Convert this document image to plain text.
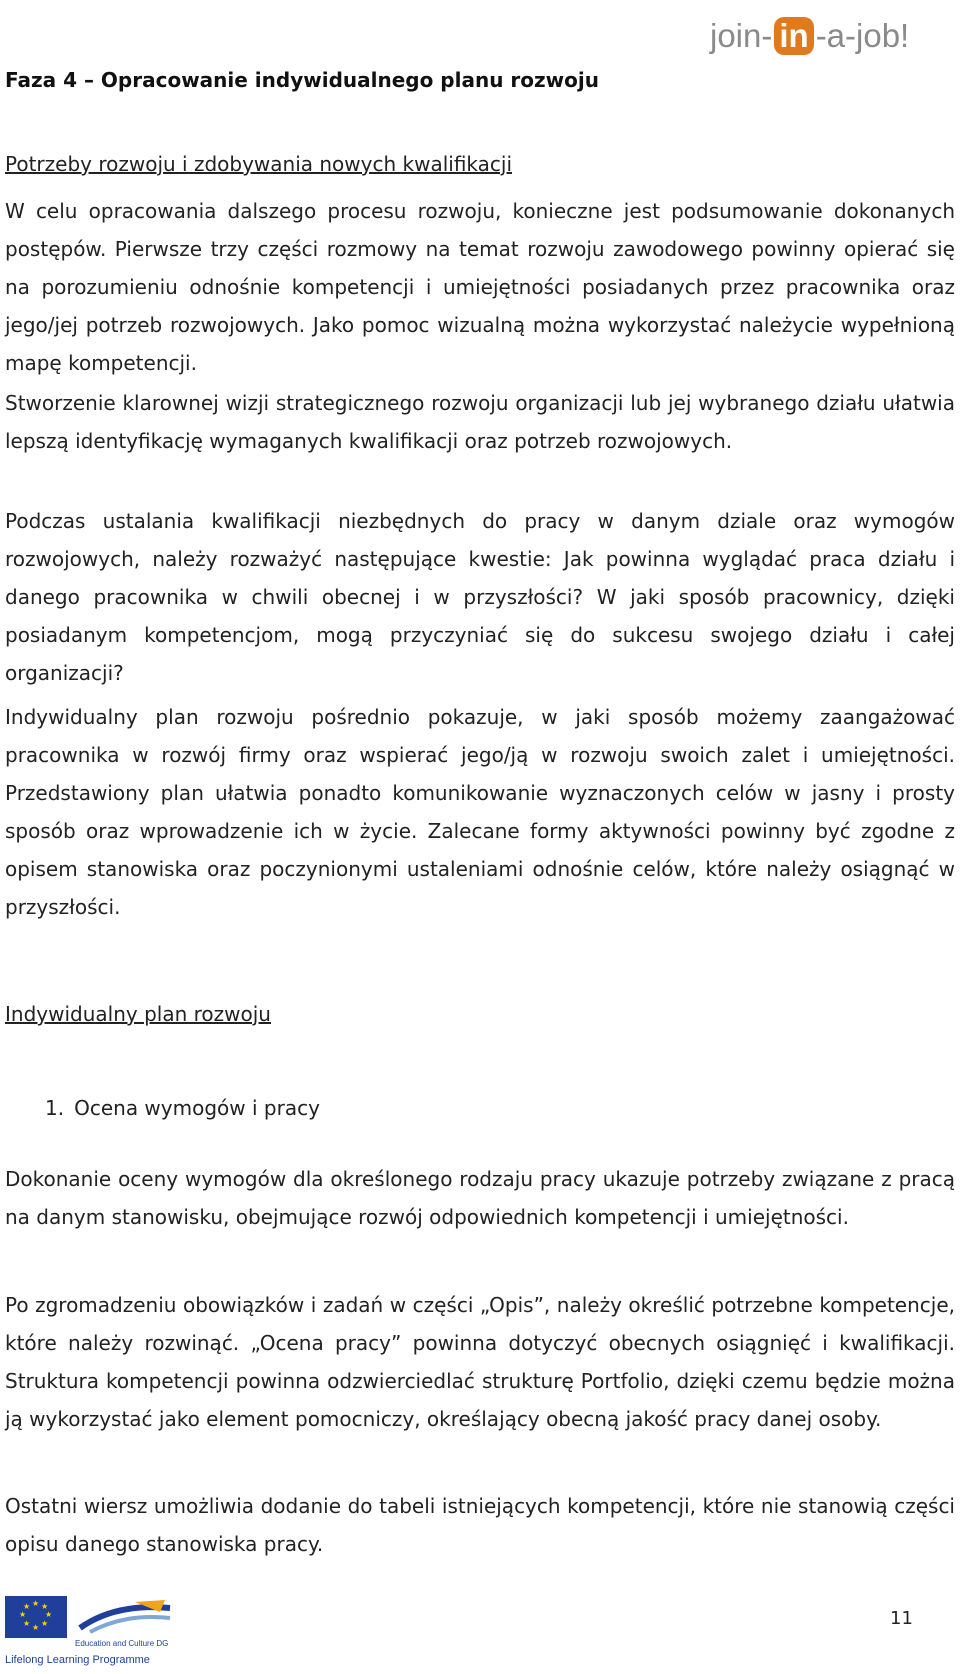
join- in -a-job!
Faza 4 – Opracowanie indywidualnego planu rozwoju
Potrzeby rozwoju i zdobywania nowych kwalifikacji

W celu opracowania dalszego procesu rozwoju, konieczne jest podsumowanie dokonanych postępów. Pierwsze trzy części rozmowy na temat rozwoju zawodowego powinny opierać się na porozumieniu odnośnie kompetencji i umiejętności posiadanych przez pracownika oraz jego/jej potrzeb rozwojowych. Jako pomoc wizualną można wykorzystać należycie wypełnioną mapę kompetencji.

Stworzenie klarownej wizji strategicznego rozwoju organizacji lub jej wybranego działu ułatwia lepszą identyfikację wymaganych kwalifikacji oraz potrzeb rozwojowych.

Podczas ustalania kwalifikacji niezbędnych do pracy w danym dziale oraz wymogów rozwojowych, należy rozważyć następujące kwestie: Jak powinna wyglądać praca działu i danego pracownika w chwili obecnej i w przyszłości? W jaki sposób pracownicy, dzięki posiadanym kompetencjom, mogą przyczyniać się do sukcesu swojego działu i całej organizacji?

Indywidualny plan rozwoju pośrednio pokazuje, w jaki sposób możemy zaangażować pracownika w rozwój firmy oraz wspierać jego/ją w rozwoju swoich zalet i umiejętności. Przedstawiony plan ułatwia ponadto komunikowanie wyznaczonych celów w jasny i prosty sposób oraz wprowadzenie ich w życie. Zalecane formy aktywności powinny być zgodne z opisem stanowiska oraz poczynionymi ustaleniami odnośnie celów, które należy osiągnąć w przyszłości.

Indywidualny plan rozwoju
1. Ocena wymogów i pracy

Dokonanie oceny wymogów dla określonego rodzaju pracy ukazuje potrzeby związane z pracą na danym stanowisku, obejmujące rozwój odpowiednich kompetencji i umiejętności.

Po zgromadzeniu obowiązków i zadań w części „Opis”, należy określić potrzebne kompetencje, które należy rozwinąć. „Ocena pracy” powinna dotyczyć obecnych osiągnięć i kwalifikacji. Struktura kompetencji powinna odzwierciedlać strukturę Portfolio, dzięki czemu będzie można ją wykorzystać jako element pomocniczy, określający obecną jakość pracy danej osoby.

Ostatni wiersz umożliwia dodanie do tabeli istniejących kompetencji, które nie stanowią części opisu danego stanowiska pracy.

★ ★
★
★
★
★
★
★
Education and Culture DG
Lifelong Learning Programme
11
